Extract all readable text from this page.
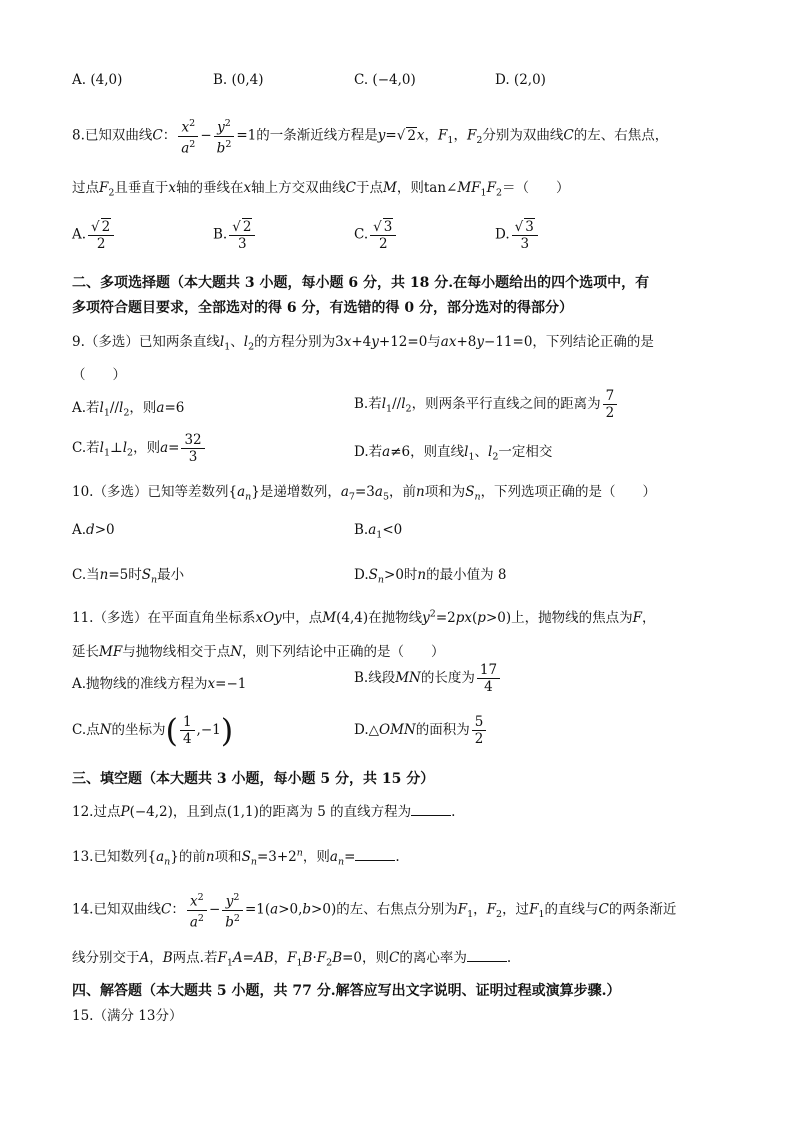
A. (4,0)	B. (0,4)	C. (−4,0)	D. (2,0)
8.已知双曲线C： $\frac{x^2}{a^2} - \frac{y^2}{b^2} =1$的一条渐近线方程是y=√ 2x，$F_1$，$F_2$分别为双曲线C的左、右焦点，
过点$F_2$且垂直于x轴的垂线在x轴上方交双曲线C于点M，则$\tan\angle MF_1F_2=$（　　）
A. $\frac{√ 2}{2}$	B. $\frac{√ 2}{3}$	C. $\frac{√ 3}{2}$	D. $\frac{√ 3}{3}$
二、多项选择题（本大题共 3 小题，每小题 6 分，共 18 分.在每小题给出的四个选项中，有
多项符合题目要求，全部选对的得 6 分，有选错的得 0 分，部分选对的得部分）
9.（多选）已知两条直线$l_1$、$l_2$的方程分别为3x+4y+12=0与ax+8y−11=0，下列结论正确的是
（　　）
A.若$l_1//l_2$，则a=6	B.若$l_1//l_2$，则两条平行直线之间的距离为 $\frac{7}{2}$
C.若$l_1\perp l_2$，则$a= \frac{32}{3}$	D.若a≠6，则直线$l_1$、$l_2$一定相交
10.（多选）已知等差数列$\{a_n\}$是递增数列，$a_7=3a_5$，前n项和为$S_n$，下列选项正确的是（　　）
A.d>0	$B.a_1<0$
C.当n=5时$S_n$最小	$D.S_n>0$时n的最小值为 8
11.（多选）在平面直角坐标系xOy中，点M(4,4)在抛物线$y^2=2px(p>0)$上，抛物线的焦点为F，
延长MF与抛物线相交于点N，则下列结论中正确的是（　　）
A.抛物线的准线方程为x=−1	B.线段MN的长度为 $\frac{17}{4}$
C.点N的坐标为( $\frac{1}{4} ,-1$)	D.△OMN的面积为 $\frac{5}{2}$
三、填空题（本大题共 3 小题，每小题 5 分，共 15 分）
12.过点P(−4,2)，且到点(1,1)的距离为 5 的直线方程为	.
13.已知数列$\{a_n\}$的前n项和$S_n=3+2^n$，则$a_n=$	.
14.已知双曲线C： $\frac{x^2}{a^2} - \frac{y^2}{b^2} =1(a>0,b>0)$的左、右焦点分别为$F_1$，$F_2$，过$F_1$的直线与C的两条渐近
线分别交于A，B两点.若$F_1A=AB$，$F_1B\cdot F_2B=0$，则C的离心率为	.
四、解答题（本大题共 5 小题，共 77 分.解答应写出文字说明、证明过程或演算步骤.）
15.（满分 13分）
